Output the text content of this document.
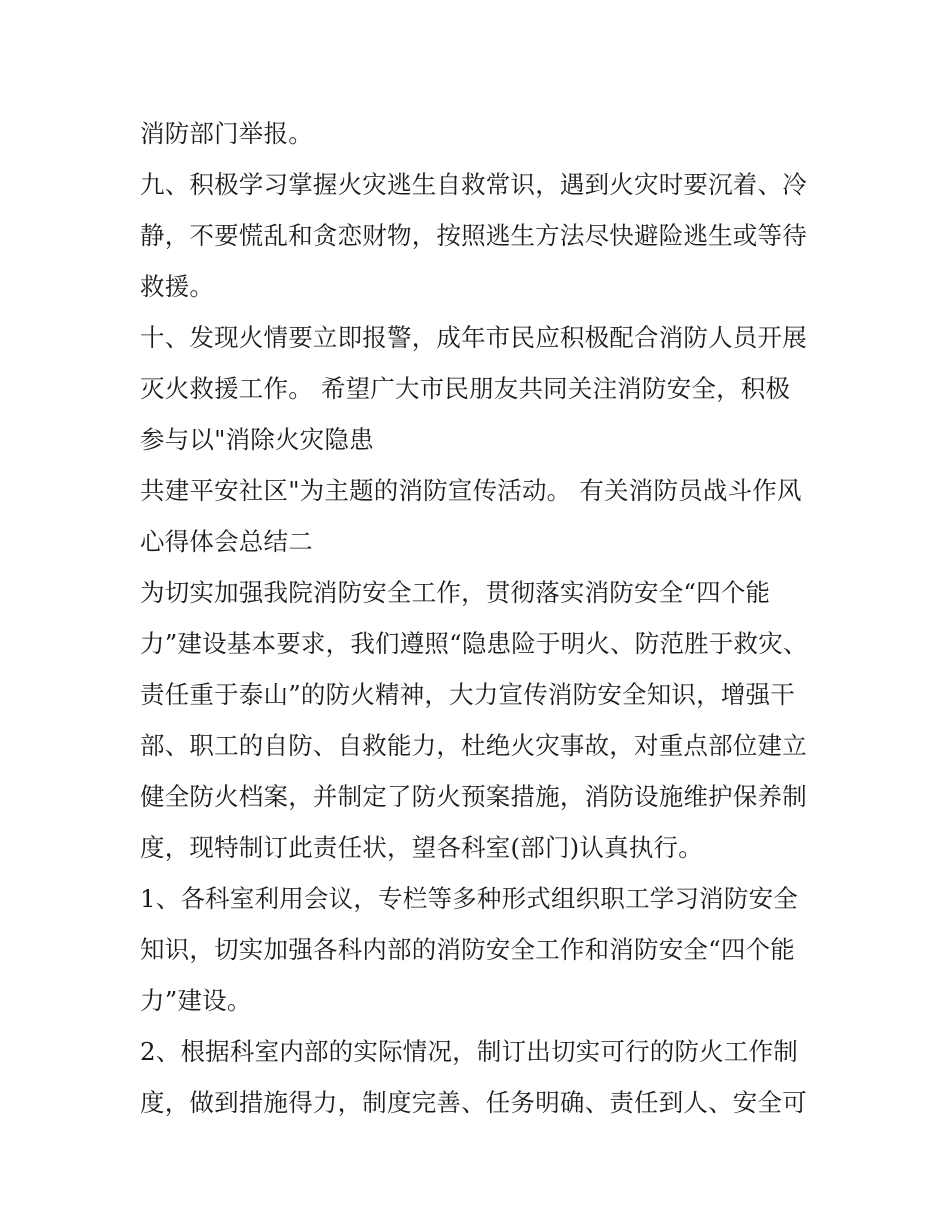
消防部门举报。
九、积极学习掌握火灾逃生自救常识，遇到火灾时要沉着、冷
静，不要慌乱和贪恋财物，按照逃生方法尽快避险逃生或等待
救援。
十、发现火情要立即报警，成年市民应积极配合消防人员开展
灭火救援工作。 希望广大市民朋友共同关注消防安全，积极
参与以"消除火灾隐患
共建平安社区"为主题的消防宣传活动。 有关消防员战斗作风
心得体会总结二
为切实加强我院消防安全工作，贯彻落实消防安全“四个能
力”建设基本要求，我们遵照“隐患险于明火、防范胜于救灾、
责任重于泰山”的防火精神，大力宣传消防安全知识，增强干
部、职工的自防、自救能力，杜绝火灾事故，对重点部位建立
健全防火档案，并制定了防火预案措施，消防设施维护保养制
度，现特制订此责任状，望各科室(部门)认真执行。
1、各科室利用会议，专栏等多种形式组织职工学习消防安全
知识，切实加强各科内部的消防安全工作和消防安全“四个能
力”建设。
2、根据科室内部的实际情况，制订出切实可行的防火工作制
度，做到措施得力，制度完善、任务明确、责任到人、安全可
